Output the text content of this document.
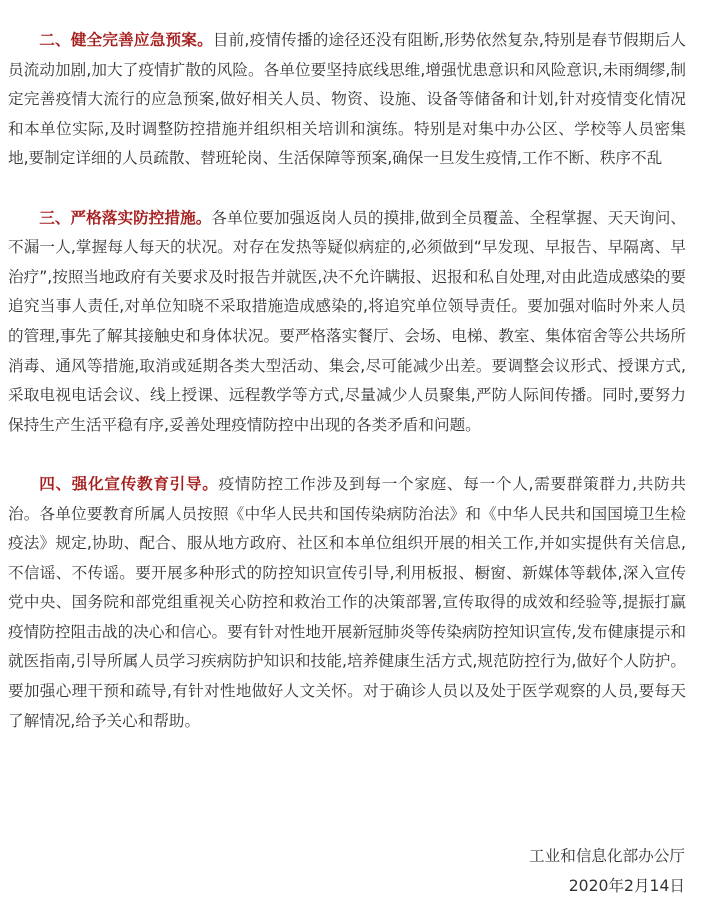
二、健全完善应急预案。目前,疫情传播的途径还没有阻断,形势依然复杂,特别是春节假期后人员流动加剧,加大了疫情扩散的风险。各单位要坚持底线思维,增强忧患意识和风险意识,未雨绸缪,制定完善疫情大流行的应急预案,做好相关人员、物资、设施、设备等储备和计划,针对疫情变化情况和本单位实际,及时调整防控措施并组织相关培训和演练。特别是对集中办公区、学校等人员密集地,要制定详细的人员疏散、替班轮岗、生活保障等预案,确保一旦发生疫情,工作不断、秩序不乱

三、严格落实防控措施。各单位要加强返岗人员的摸排,做到全员覆盖、全程掌握、天天询问、不漏一人,掌握每人每天的状况。对存在发热等疑似病症的,必须做到“早发现、早报告、早隔离、早治疗”,按照当地政府有关要求及时报告并就医,决不允许瞒报、迟报和私自处理,对由此造成感染的要追究当事人责任,对单位知晓不采取措施造成感染的,将追究单位领导责任。要加强对临时外来人员的管理,事先了解其接触史和身体状况。要严格落实餐厅、会场、电梯、教室、集体宿舍等公共场所消毒、通风等措施,取消或延期各类大型活动、集会,尽可能减少出差。要调整会议形式、授课方式,采取电视电话会议、线上授课、远程教学等方式,尽量减少人员聚集,严防人际间传播。同时,要努力保持生产生活平稳有序,妥善处理疫情防控中出现的各类矛盾和问题。

四、强化宣传教育引导。疫情防控工作涉及到每一个家庭、每一个人,需要群策群力,共防共治。各单位要教育所属人员按照《中华人民共和国传染病防治法》和《中华人民共和国国境卫生检疫法》规定,协助、配合、服从地方政府、社区和本单位组织开展的相关工作,并如实提供有关信息,不信谣、不传谣。要开展多种形式的防控知识宣传引导,利用板报、橱窗、新媒体等载体,深入宣传党中央、国务院和部党组重视关心防控和救治工作的决策部署,宣传取得的成效和经验等,提振打赢疫情防控阻击战的决心和信心。要有针对性地开展新冠肺炎等传染病防控知识宣传,发布健康提示和就医指南,引导所属人员学习疾病防护知识和技能,培养健康生活方式,规范防控行为,做好个人防护。要加强心理干预和疏导,有针对性地做好人文关怀。对于确诊人员以及处于医学观察的人员,要每天了解情况,给予关心和帮助。

工业和信息化部办公厅
2020年2月14日
